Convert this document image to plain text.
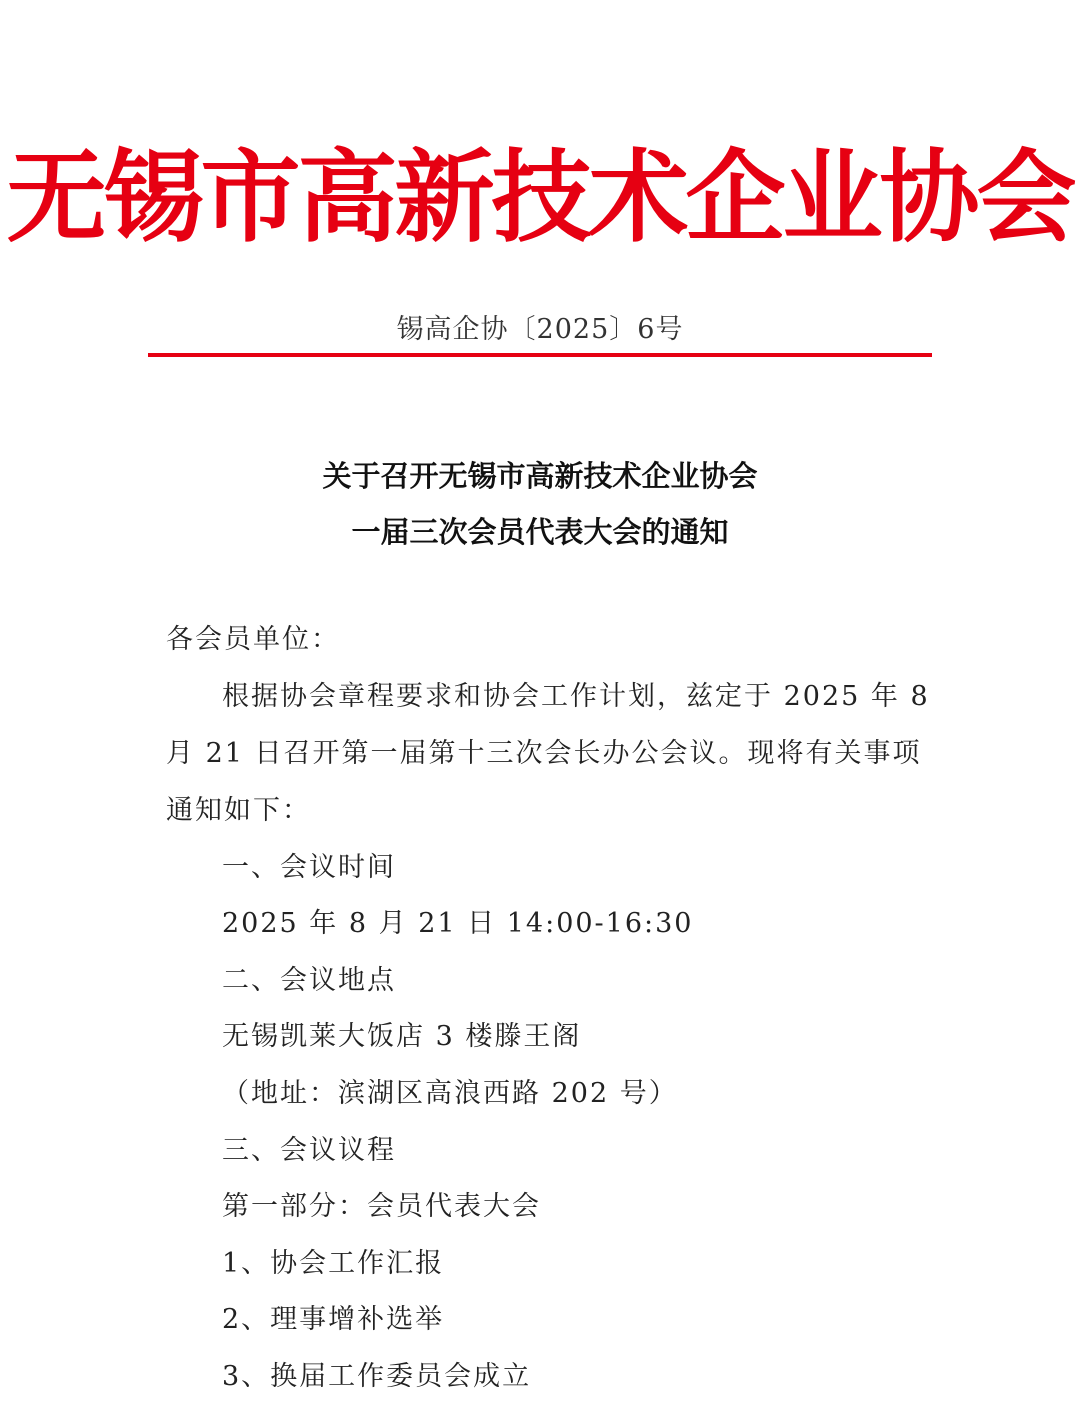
无锡市高新技术企业协会
锡高企协〔2025〕6号
关于召开无锡市高新技术企业协会
一届三次会员代表大会的通知
各会员单位：
根据协会章程要求和协会工作计划，兹定于 2025 年 8
月 21 日召开第一届第十三次会长办公会议。现将有关事项
通知如下：
一、会议时间
2025 年 8 月 21 日 14:00-16:30
二、会议地点
无锡凯莱大饭店 3 楼滕王阁
（地址：滨湖区高浪西路 202 号）
三、会议议程
第一部分：会员代表大会
1、协会工作汇报
2、理事增补选举
3、换届工作委员会成立
